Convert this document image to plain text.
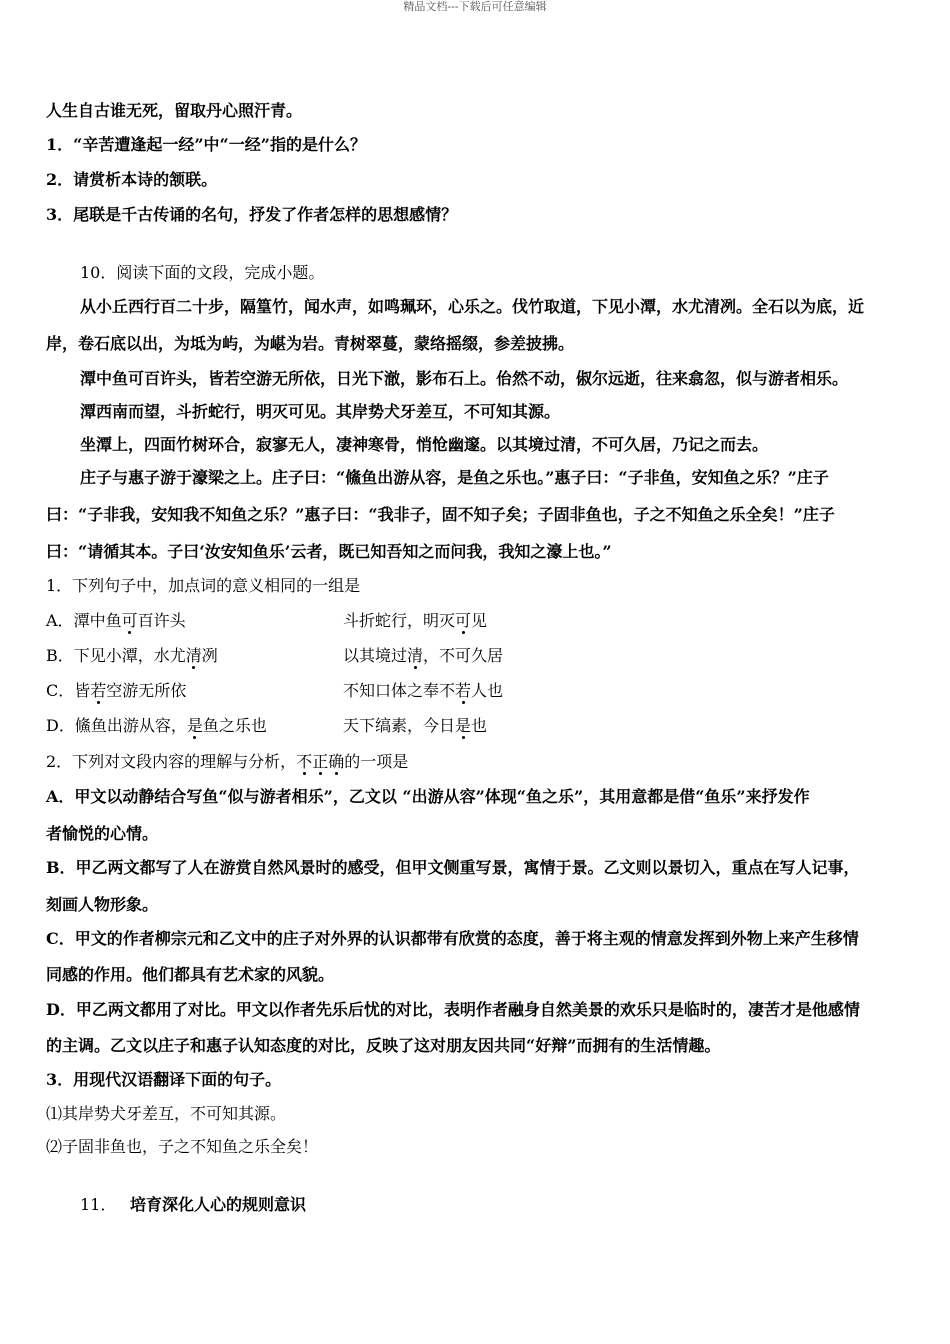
精品文档---下载后可任意编辑
人生自古谁无死，留取丹心照汗青。
1．“辛苦遭逢起一经”中“一经”指的是什么？
2．请赏析本诗的颔联。
3．尾联是千古传诵的名句，抒发了作者怎样的思想感情？
10．阅读下面的文段，完成小题。
从小丘西行百二十步，隔篁竹，闻水声，如鸣珮环，心乐之。伐竹取道，下见小潭，水尤清冽。全石以为底，近
岸，卷石底以出，为坻为屿，为嵁为岩。青树翠蔓，蒙络摇缀，参差披拂。
潭中鱼可百许头，皆若空游无所依，日光下澈，影布石上。佁然不动，俶尔远逝，往来翕忽，似与游者相乐。
潭西南而望，斗折蛇行，明灭可见。其岸势犬牙差互，不可知其源。
坐潭上，四面竹树环合，寂寥无人，凄神寒骨，悄怆幽邃。以其境过清，不可久居，乃记之而去。
庄子与惠子游于濠梁之上。庄子曰：“鯈鱼出游从容，是鱼之乐也。”惠子曰：“子非鱼，安知鱼之乐？”庄子
曰：“子非我，安知我不知鱼之乐？”惠子曰：“我非子，固不知子矣；子固非鱼也，子之不知鱼之乐全矣！”庄子
曰：“请循其本。子曰‘汝安知鱼乐’云者，既已知吾知之而问我，我知之濠上也。”
1．下列句子中，加点词的意义相同的一组是
A．潭中鱼可百许头	斗折蛇行，明灭可见
B．下见小潭，水尤清冽	以其境过清，不可久居
C．皆若空游无所依	不知口体之奉不若人也
D．鯈鱼出游从容，是鱼之乐也	天下缟素，今日是也
2．下列对文段内容的理解与分析，不正确的一项是
A．甲文以动静结合写鱼“似与游者相乐”，乙文以 “出游从容”体现“鱼之乐”，其用意都是借“鱼乐”来抒发作
者愉悦的心情。
B．甲乙两文都写了人在游赏自然风景时的感受，但甲文侧重写景，寓情于景。乙文则以景切入，重点在写人记事，
刻画人物形象。
C．甲文的作者柳宗元和乙文中的庄子对外界的认识都带有欣赏的态度，善于将主观的情意发挥到外物上来产生移情
同感的作用。他们都具有艺术家的风貌。
D．甲乙两文都用了对比。甲文以作者先乐后忧的对比，表明作者融身自然美景的欢乐只是临时的，凄苦才是他感情
的主调。乙文以庄子和惠子认知态度的对比，反映了这对朋友因共同“好辩”而拥有的生活情趣。
3．用现代汉语翻译下面的句子。
⑴其岸势犬牙差互，不可知其源。
⑵子固非鱼也，子之不知鱼之乐全矣！
11． 培育深化人心的规则意识
